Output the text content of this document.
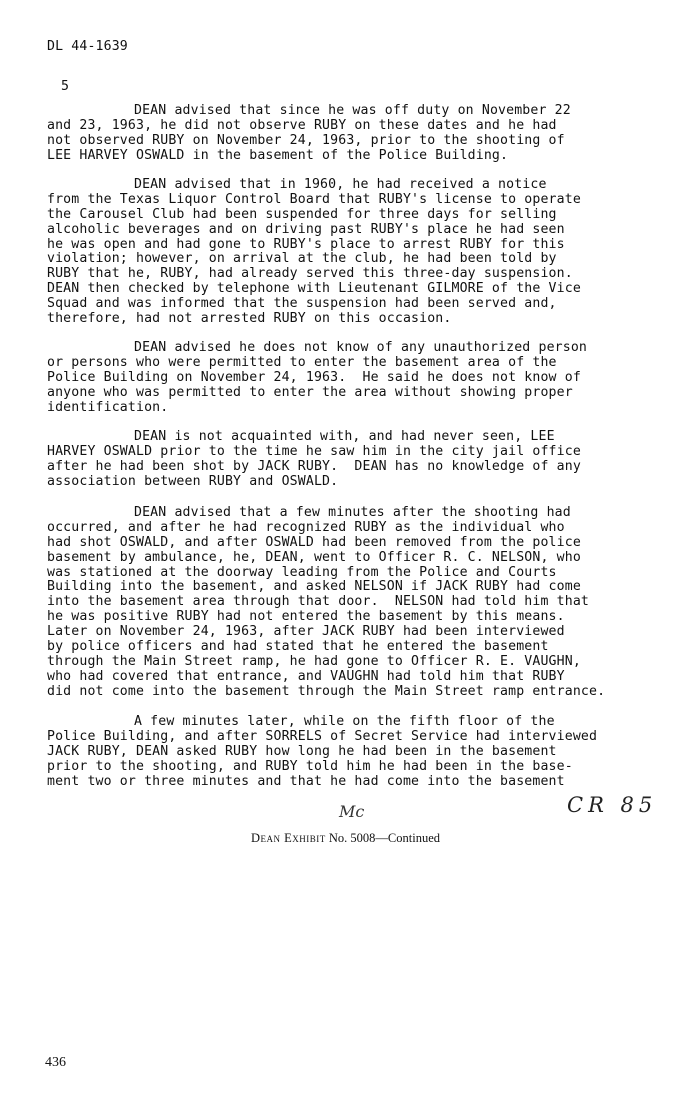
DL 44-1639
5
DEAN advised that since he was off duty on November 22
and 23, 1963, he did not observe RUBY on these dates and he had
not observed RUBY on November 24, 1963, prior to the shooting of
LEE HARVEY OSWALD in the basement of the Police Building.
DEAN advised that in 1960, he had received a notice
from the Texas Liquor Control Board that RUBY's license to operate
the Carousel Club had been suspended for three days for selling
alcoholic beverages and on driving past RUBY's place he had seen
he was open and had gone to RUBY's place to arrest RUBY for this
violation; however, on arrival at the club, he had been told by
RUBY that he, RUBY, had already served this three-day suspension.
DEAN then checked by telephone with Lieutenant GILMORE of the Vice
Squad and was informed that the suspension had been served and,
therefore, had not arrested RUBY on this occasion.
DEAN advised he does not know of any unauthorized person
or persons who were permitted to enter the basement area of the
Police Building on November 24, 1963.  He said he does not know of
anyone who was permitted to enter the area without showing proper
identification.
DEAN is not acquainted with, and had never seen, LEE
HARVEY OSWALD prior to the time he saw him in the city jail office
after he had been shot by JACK RUBY.  DEAN has no knowledge of any
association between RUBY and OSWALD.
DEAN advised that a few minutes after the shooting had
occurred, and after he had recognized RUBY as the individual who
had shot OSWALD, and after OSWALD had been removed from the police
basement by ambulance, he, DEAN, went to Officer R. C. NELSON, who
was stationed at the doorway leading from the Police and Courts
Building into the basement, and asked NELSON if JACK RUBY had come
into the basement area through that door.  NELSON had told him that
he was positive RUBY had not entered the basement by this means.
Later on November 24, 1963, after JACK RUBY had been interviewed
by police officers and had stated that he entered the basement
through the Main Street ramp, he had gone to Officer R. E. VAUGHN,
who had covered that entrance, and VAUGHN had told him that RUBY
did not come into the basement through the Main Street ramp entrance.
A few minutes later, while on the fifth floor of the
Police Building, and after SORRELS of Secret Service had interviewed
JACK RUBY, DEAN asked RUBY how long he had been in the basement
prior to the shooting, and RUBY told him he had been in the base-
ment two or three minutes and that he had come into the basement
Mc	CR 85
Dean Exhibit No. 5008—Continued
436
